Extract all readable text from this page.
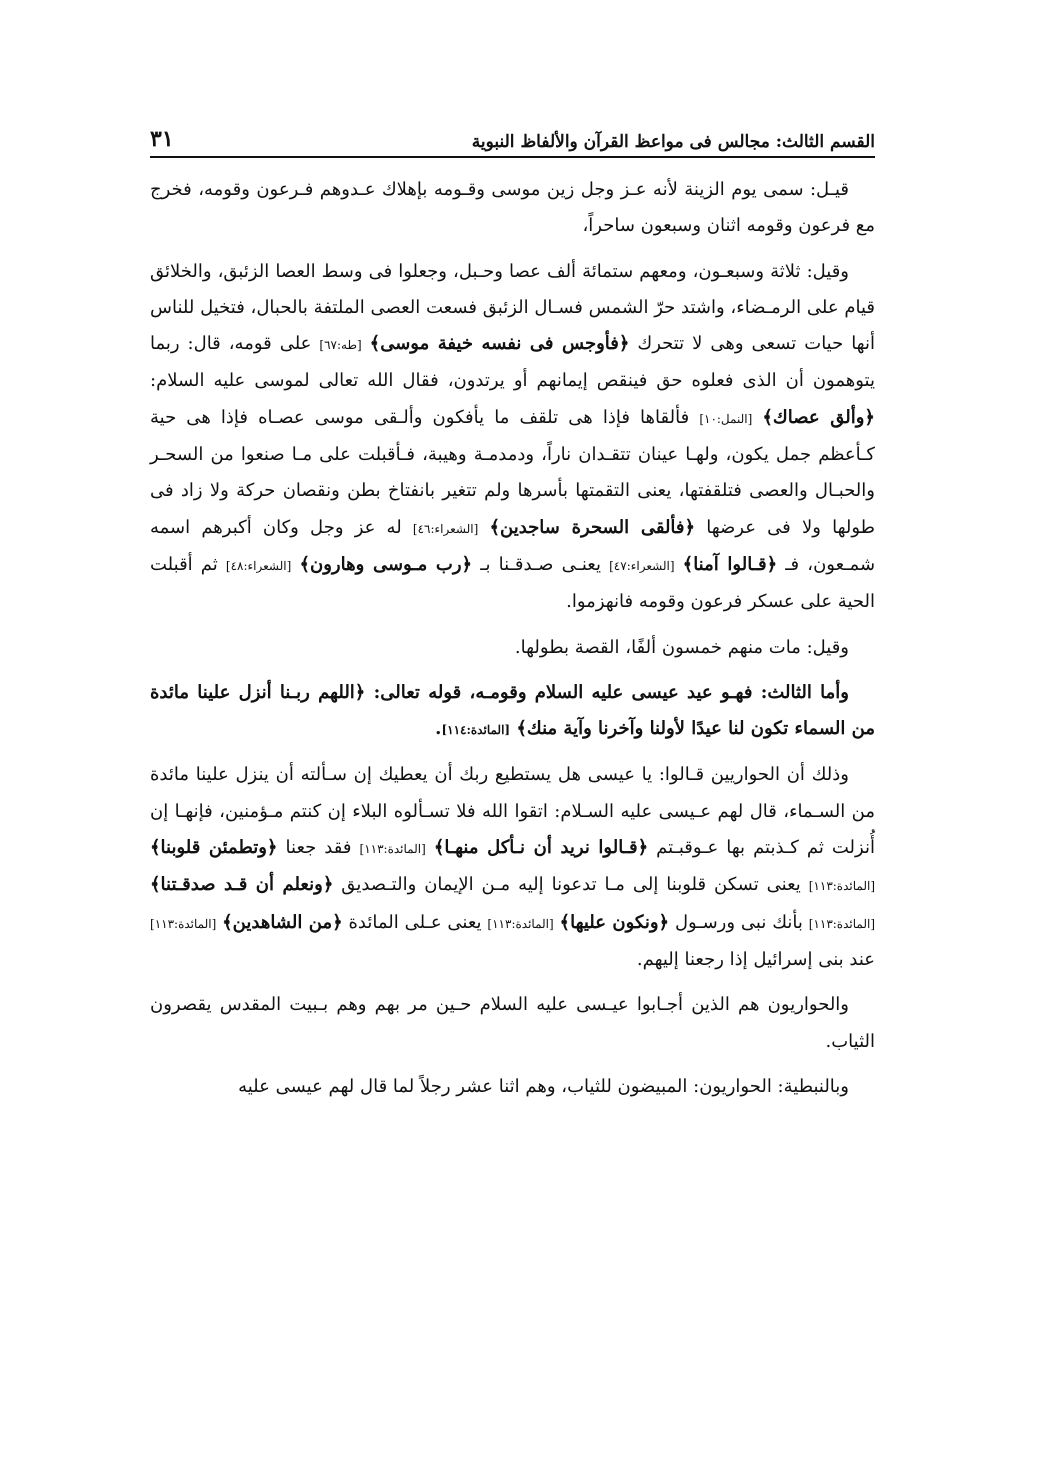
القسم الثالث: مجالس فى مواعظ القرآن والألفاظ النبوية
٣١

قيـل: سمى يوم الزينة لأنه عـز وجل زين موسى وقـومه بإهلاك عـدوهم فـرعون وقومه، فخرج مع فرعون وقومه اثنان وسبعون ساحراً،

وقيل: ثلاثة وسبعـون، ومعهم ستمائة ألف عصا وحـبل، وجعلوا فى وسط العصا الزئبق، والخلائق قيام على الرمـضاء، واشتد حرّ الشمس فسـال الزئبق فسعت العصى الملتفة بالحبال، فتخيل للناس أنها حيات تسعى وهى لا تتحرك ﴿فأوجس فى نفسه خيفة موسى﴾ [طه:٦٧] على قومه، قال: ربما يتوهمون أن الذى فعلوه حق فينقص إيمانهم أو يرتدون، فقال الله تعالى لموسى عليه السلام: ﴿وألق عصاك﴾ [النمل:١٠] فألقاها فإذا هى تلقف ما يأفكون وألـقى موسى عصـاه فإذا هى حية كـأعظم جمل يكون، ولهـا عينان تتقـدان ناراً، ودمدمـة وهيبة، فـأقبلت على مـا صنعوا من السحـر والحبـال والعصى فتلقفتها، يعنى التقمتها بأسرها ولم تتغير بانفتاخ بطن ونقصان حركة ولا زاد فى طولها ولا فى عرضها ﴿فألقى السحرة ساجدين﴾ [الشعراء:٤٦] له عز وجل وكان أكبرهم اسمه شمـعون، فـ ﴿قـالوا آمنا﴾ [الشعراء:٤٧] يعنـى صـدقـنا بـ ﴿رب مـوسى وهارون﴾ [الشعراء:٤٨] ثم أقبلت الحية على عسكر فرعون وقومه فانهزموا.

وقيل: مات منهم خمسون ألفًا، القصة بطولها.

وأما الثالث: فهـو عيد عيسى عليه السلام وقومـه، قوله تعالى: ﴿اللهم ربـنا أنزل علينا مائدة من السماء تكون لنا عيدًا لأولنا وآخرنا وآية منك﴾ [المائدة:١١٤].

وذلك أن الحواريين قـالوا: يا عيسى هل يستطيع ربك أن يعطيك إن سـألته أن ينزل علينا مائدة من السـماء، قال لهم عـيسى عليه السـلام: اتقوا الله فلا تسـألوه البلاء إن كنتم مـؤمنين، فإنهـا إن أُنزلت ثم كـذبتم بها عـوقبـتم ﴿قـالوا نريد أن نـأكل منهـا﴾ [المائدة:١١٣] فقد جعنا ﴿وتطمئن قلوبنا﴾ [المائدة:١١٣] يعنى تسكن قلوبنا إلى مـا تدعونا إليه مـن الإيمان والتـصديق ﴿ونعلم أن قـد صدقـتنا﴾ [المائدة:١١٣] بأنك نبى ورسـول ﴿ونكون عليها﴾ [المائدة:١١٣] يعنى عـلى المائدة ﴿من الشاهدين﴾ [المائدة:١١٣] عند بنى إسرائيل إذا رجعنا إليهم.

والحواريون هم الذين أجـابوا عيـسى عليه السلام حـين مر بهم وهم بـبيت المقدس يقصرون الثياب.

وبالنبطية: الحواريون: المبيضون للثياب، وهم اثنا عشر رجلاً لما قال لهم عيسى عليه
